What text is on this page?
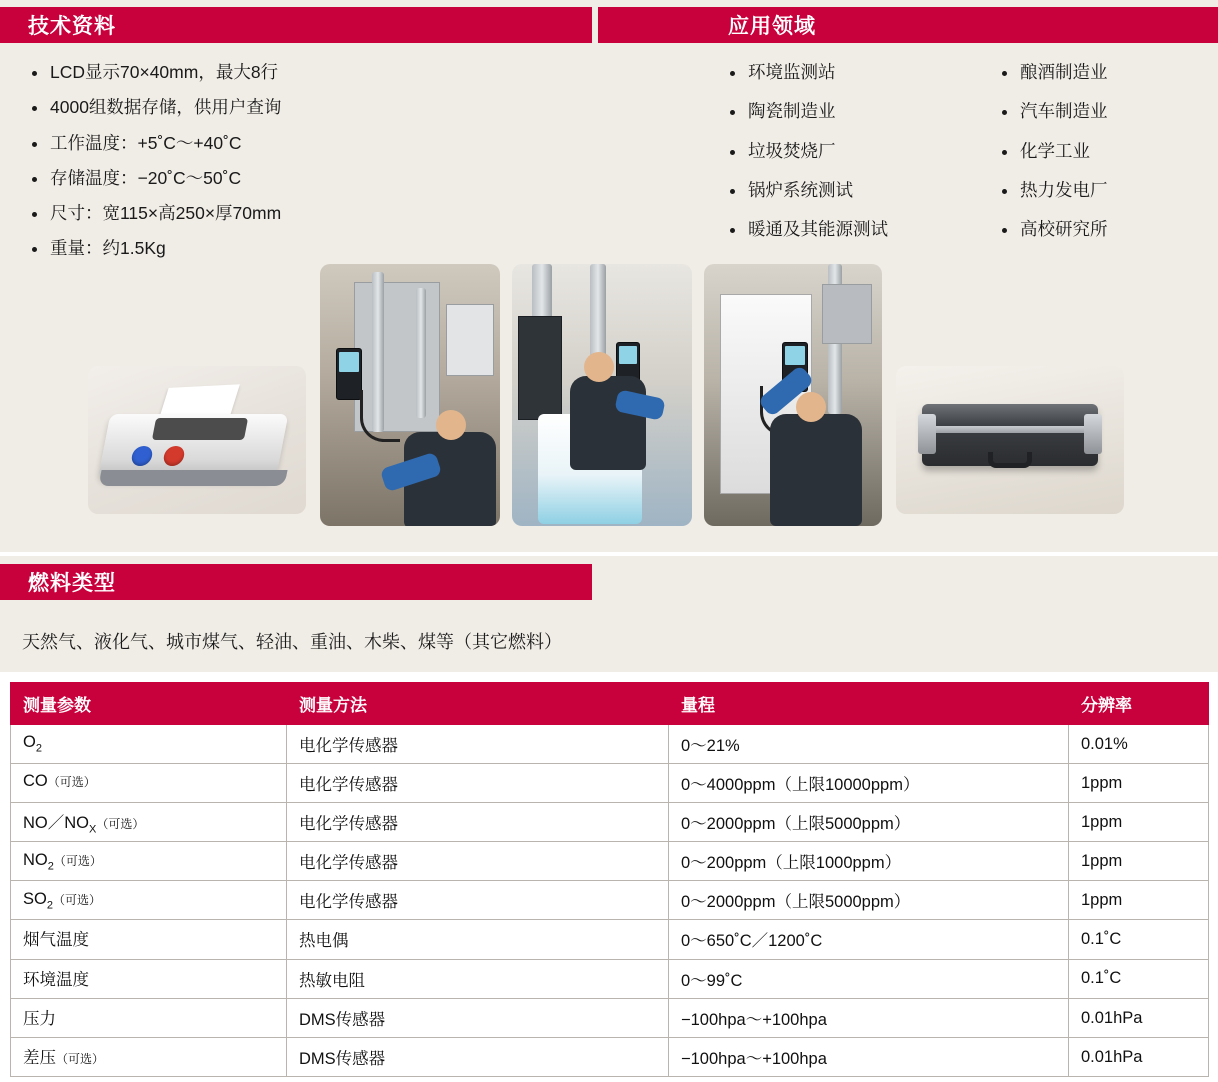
技术资料	应用领域
LCD显示70×40mm，最大8行
4000组数据存储，供用户查询
工作温度：+5˚C～+40˚C
存储温度：−20˚C～50˚C
尺寸：宽115×高250×厚70mm
重量：约1.5Kg
环境监测站
陶瓷制造业
垃圾焚烧厂
锅炉系统测试
暖通及其能源测试
酿酒制造业
汽车制造业
化学工业
热力发电厂
高校研究所
燃料类型
天然气、液化气、城市煤气、轻油、重油、木柴、煤等（其它燃料）
测量参数	测量方法	量程	分辨率
$O_2$	电化学传感器	0～21%	0.01%
CO（可选）	电化学传感器	0～4000ppm（上限10000ppm）	1ppm
$NO/NO_X$（可选）	电化学传感器	0～2000ppm（上限5000ppm）	1ppm
$NO_2$（可选）	电化学传感器	0～200ppm（上限1000ppm）	1ppm
$SO_2$（可选）	电化学传感器	0～2000ppm（上限5000ppm）	1ppm
烟气温度	热电偶	0～650˚C／1200˚C	0.1˚C
环境温度	热敏电阻	0～99˚C	0.1˚C
压力	DMS传感器	−100hpa～+100hpa	0.01hPa
差压（可选）	DMS传感器	−100hpa～+100hpa	0.01hPa
